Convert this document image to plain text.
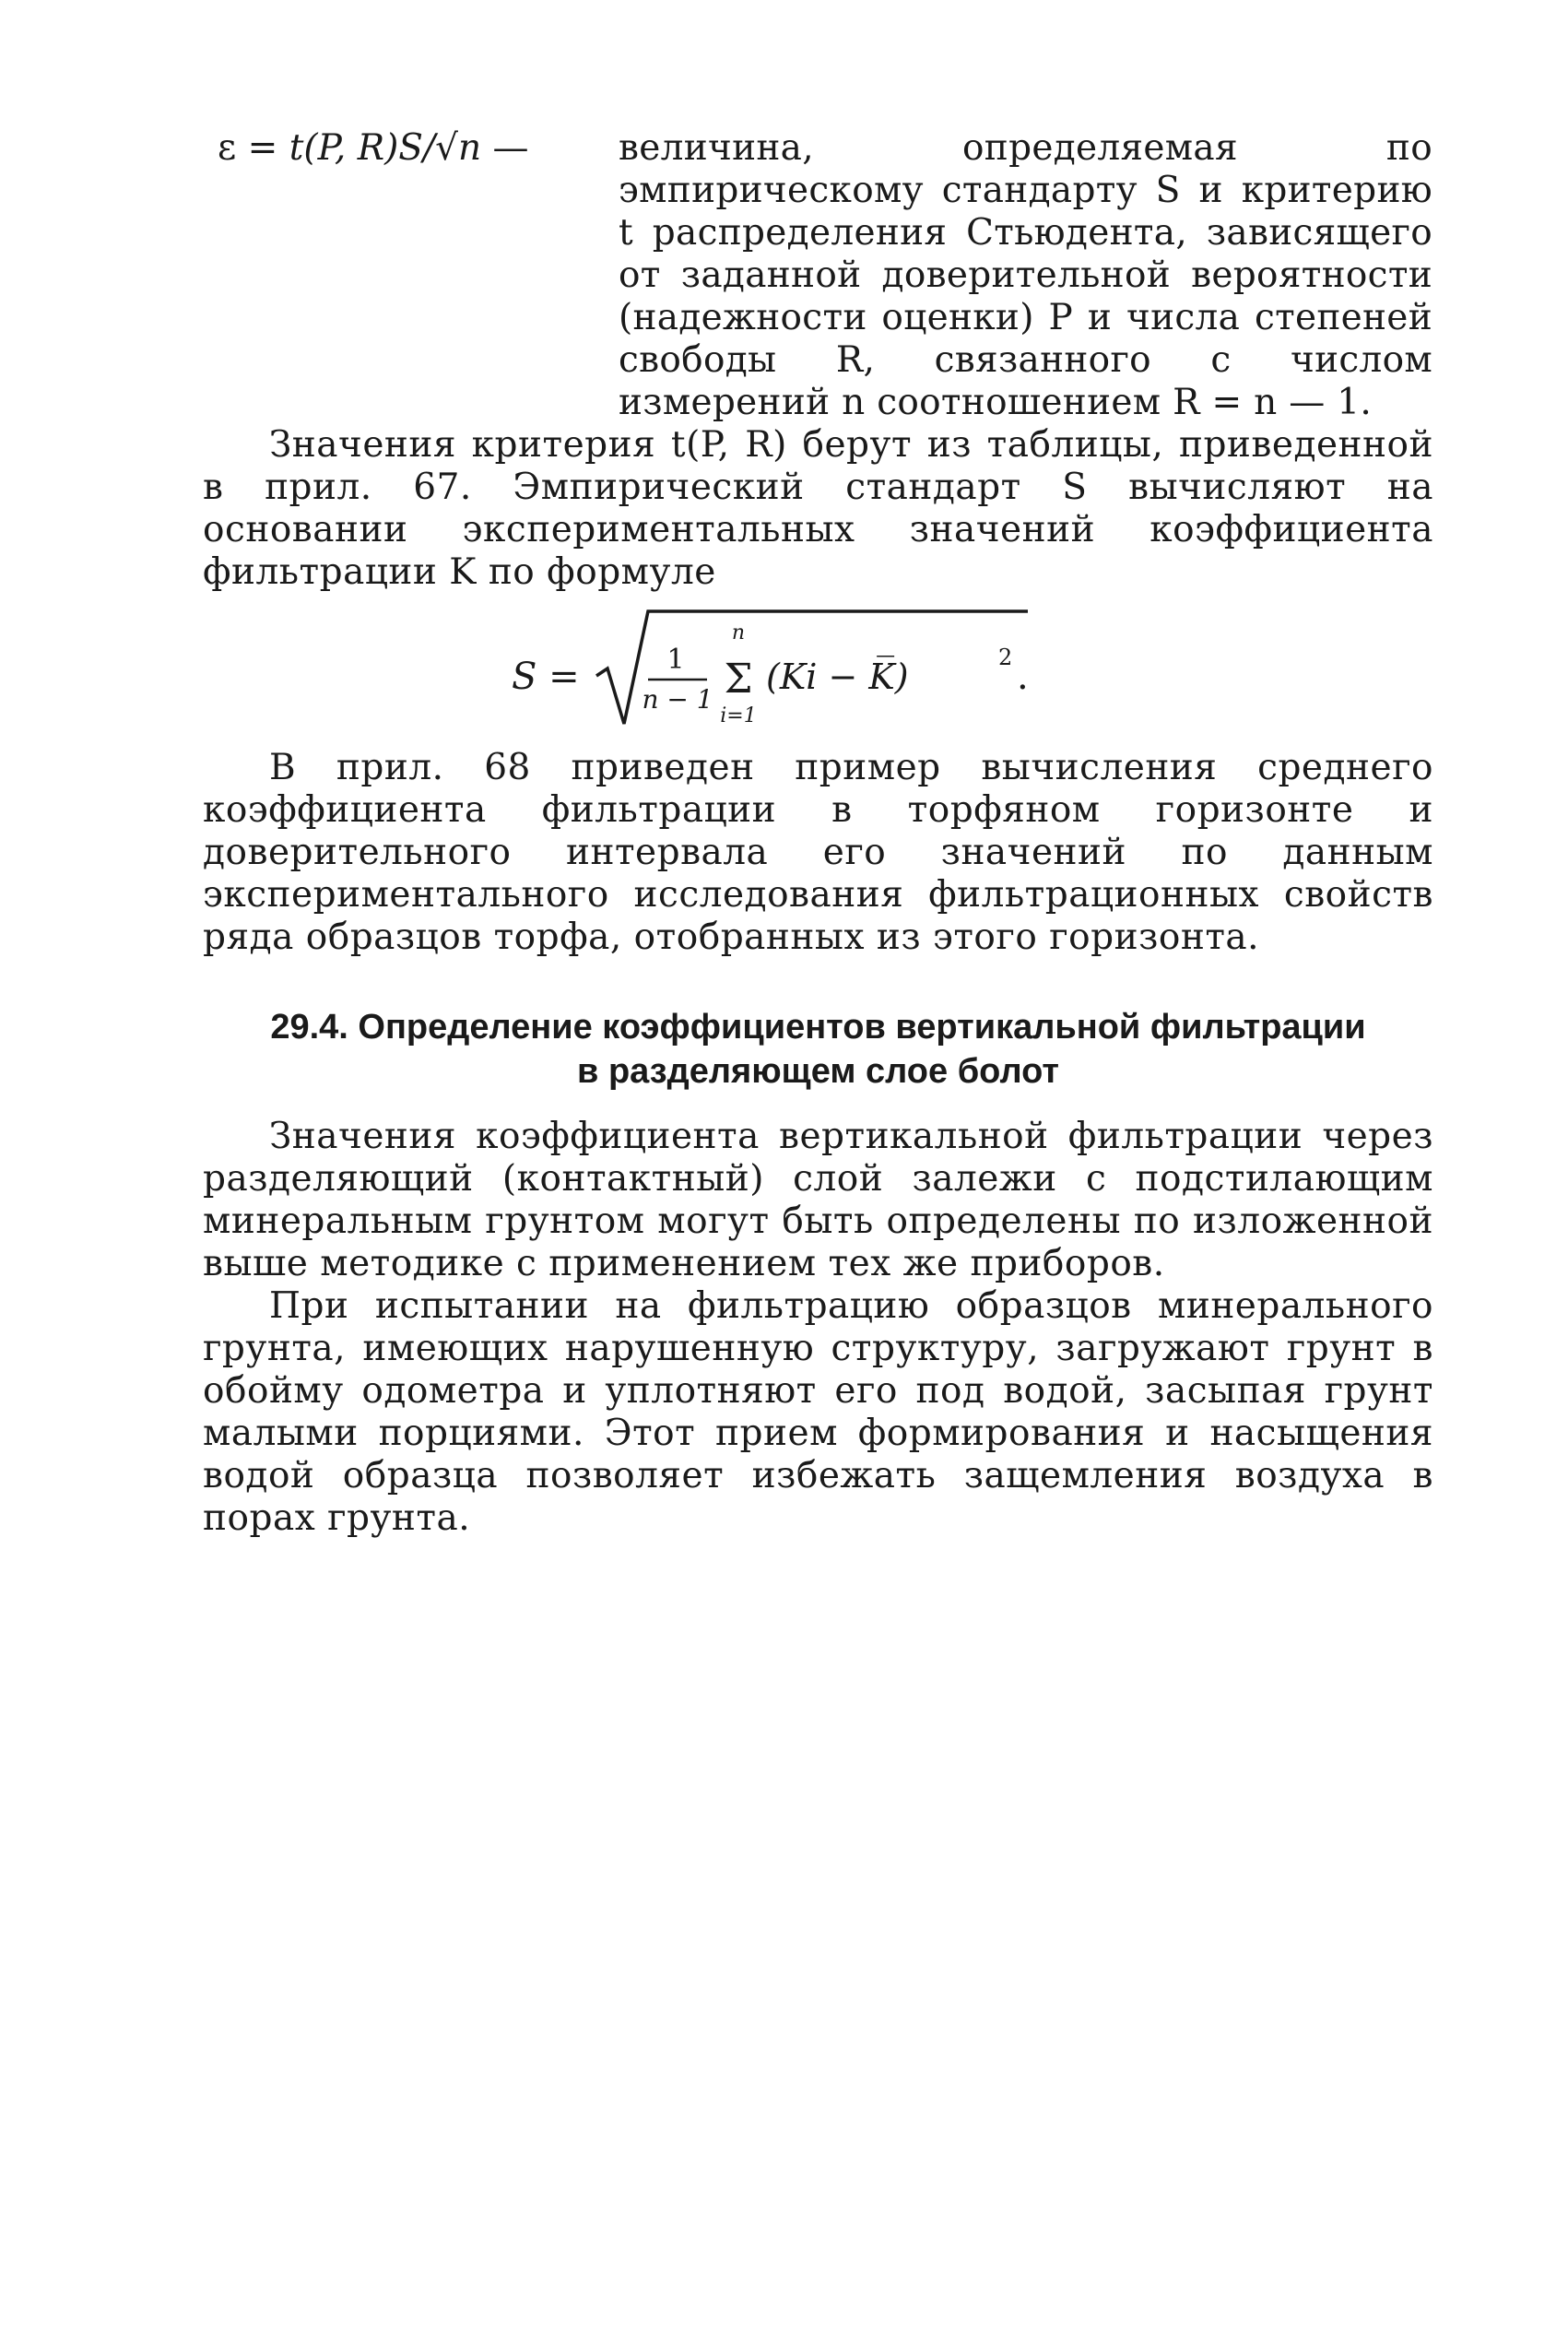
ε = t(P, R)S/√n — величина, определяемая по эмпирическому стандарту S и критерию t распределения Стьюдента, зависящего от заданной доверительной вероятности (надежности оценки) P и числа степеней свободы R, связанного с числом измерений n соотношением R = n — 1.

Значения критерия t(P, R) берут из таблицы, приведенной в прил. 67. Эмпирический стандарт S вычисляют на основании экспериментальных значений коэффициента фильтрации K по формуле

S =	1
n − 1
n
Σ
i=1
(Ki − K̅)	2 .

В прил. 68 приведен пример вычисления среднего коэффициента фильтрации в торфяном горизонте и доверительного интервала его значений по данным экспериментального исследования фильтрационных свойств ряда образцов торфа, отобранных из этого горизонта.

29.4. Определение коэффициентов вертикальной фильтрации
в разделяющем слое болот

Значения коэффициента вертикальной фильтрации через разделяющий (контактный) слой залежи с подстилающим минеральным грунтом могут быть определены по изложенной выше методике с применением тех же приборов.

При испытании на фильтрацию образцов минерального грунта, имеющих нарушенную структуру, загружают грунт в обойму одометра и уплотняют его под водой, засыпая грунт малыми порциями. Этот прием формирования и насыщения водой образца позволяет избежать защемления воздуха в порах грунта.
